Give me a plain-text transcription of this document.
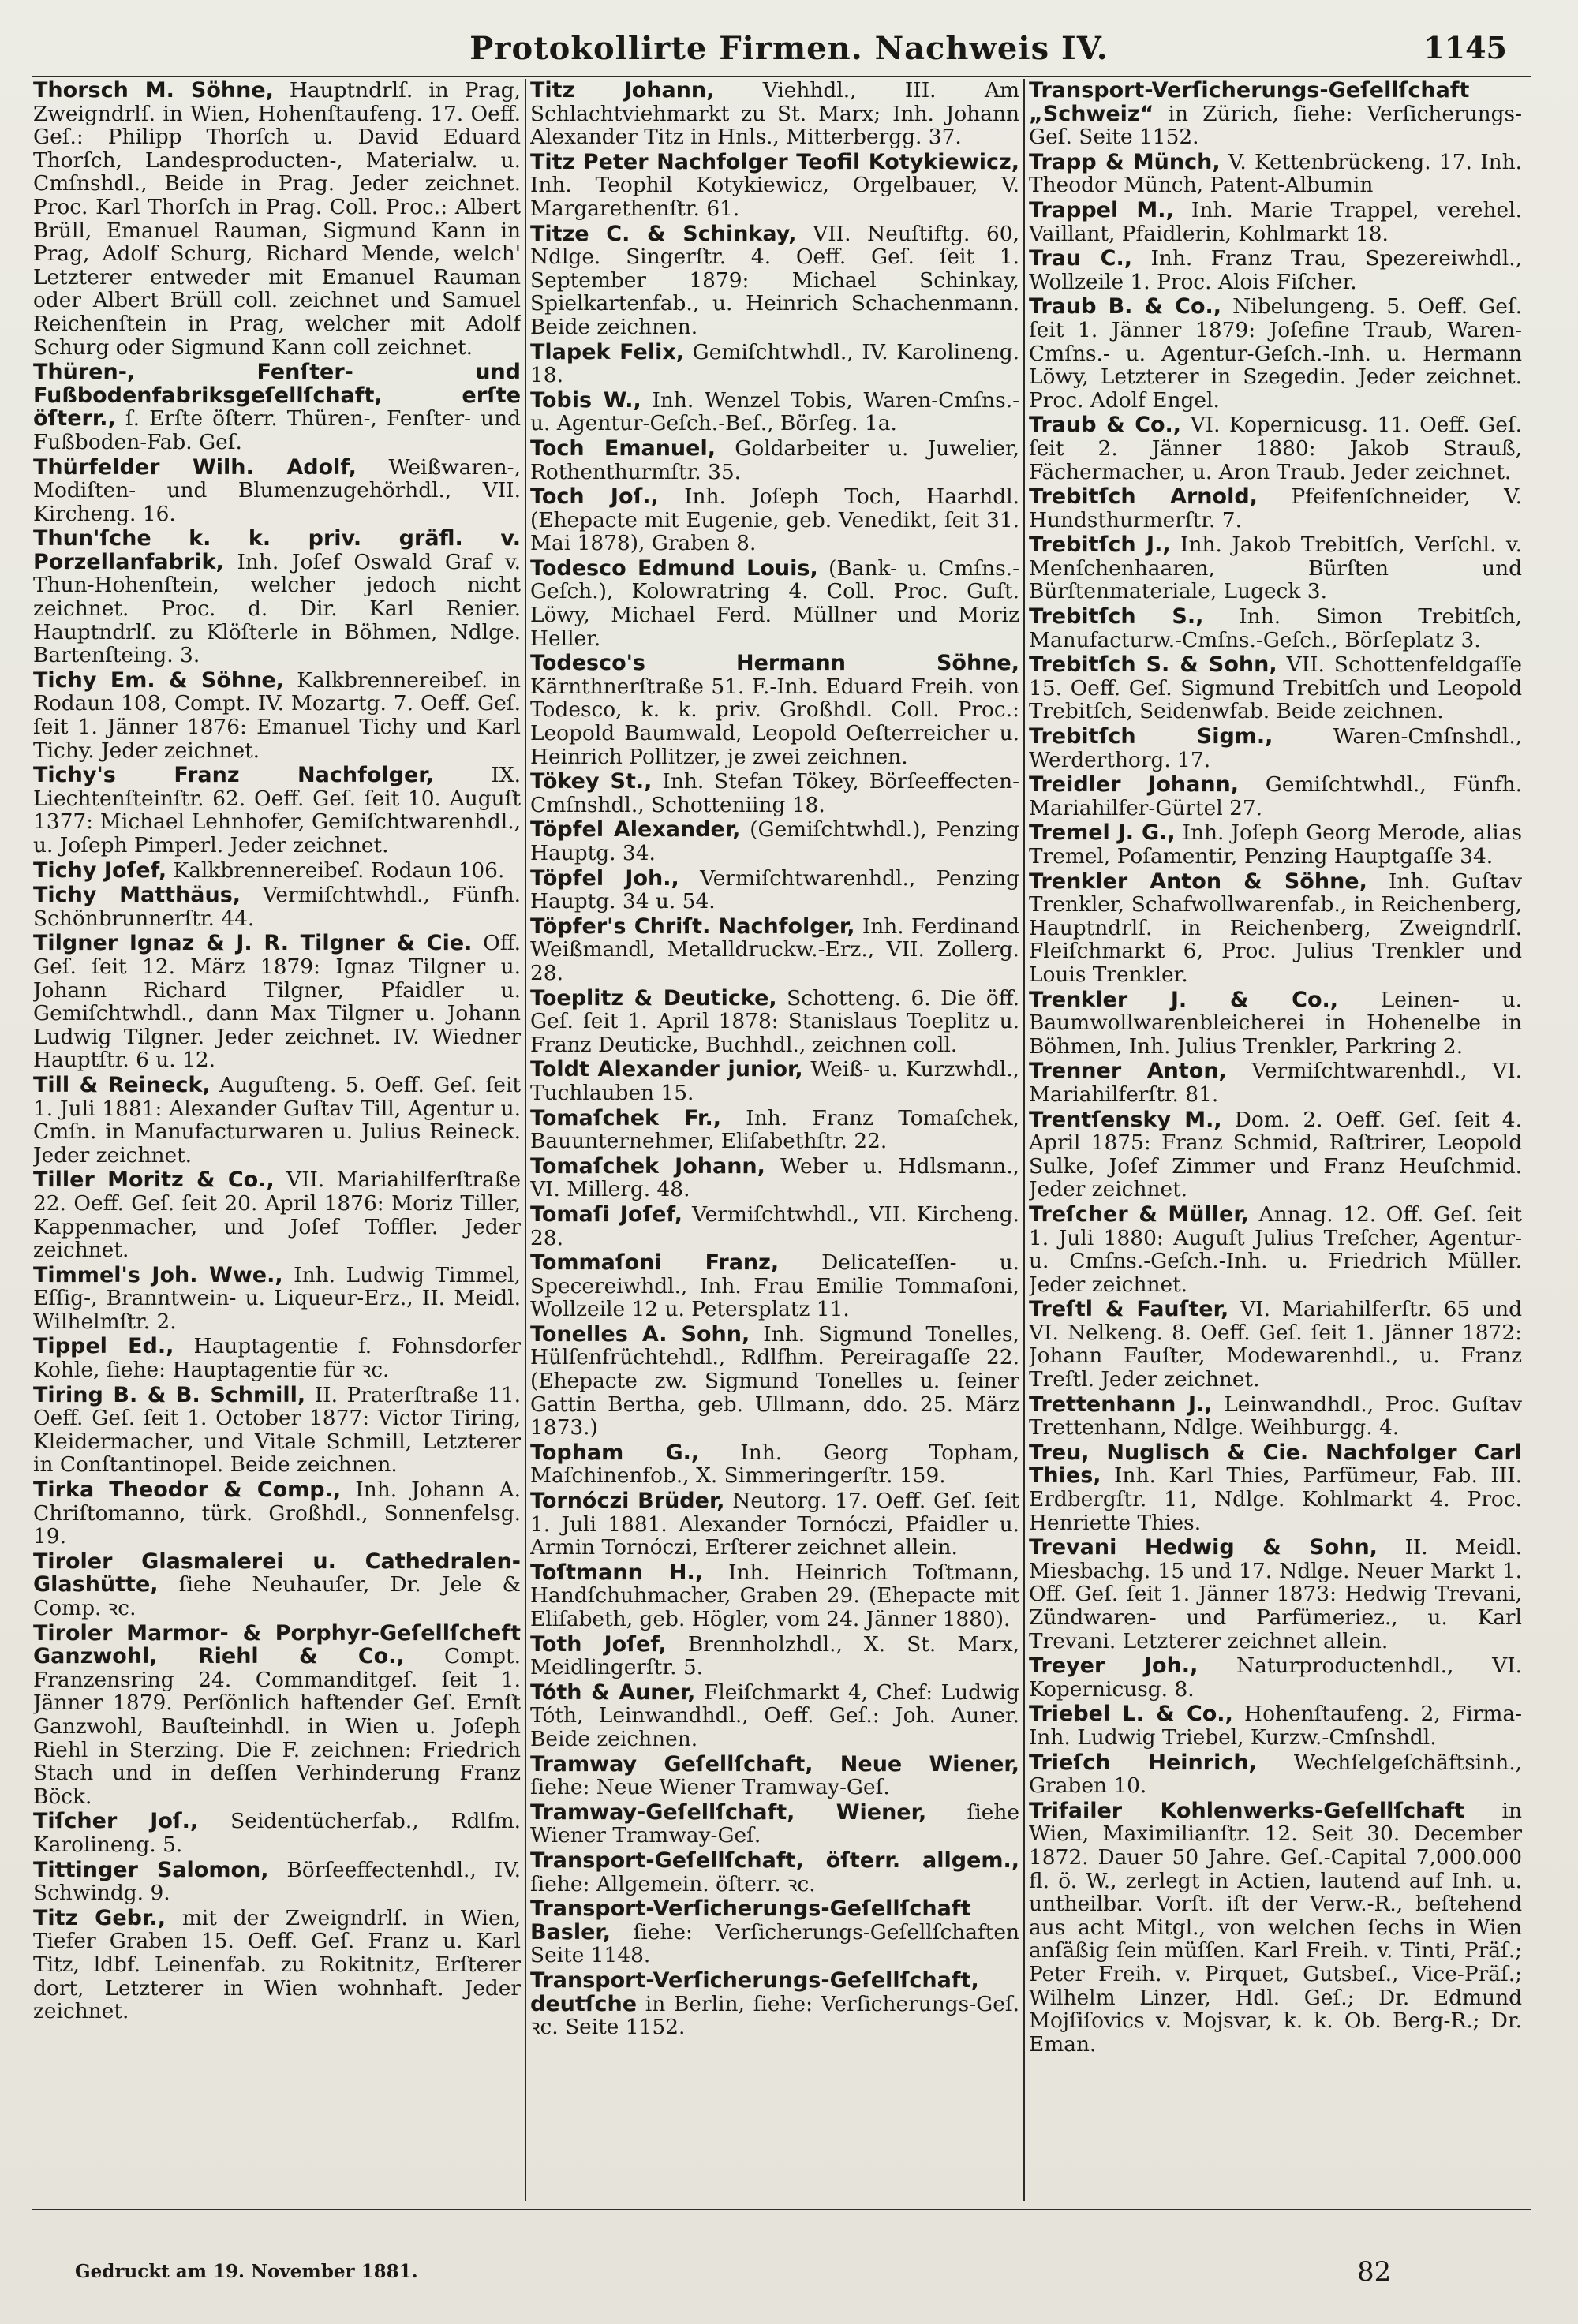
Protokollirte Firmen. Nachweis IV.	1145

Thorsch M. Söhne, Hauptndrlſ. in Prag, Zweigndrlſ. in Wien, Hohenſtaufeng. 17. Oeff. Geſ.: Philipp Thorſch u. David Eduard Thorſch, Landesproducten-, Materialw. u. Cmſnshdl., Beide in Prag. Jeder zeichnet. Proc. Karl Thorſch in Prag. Coll. Proc.: Albert Brüll, Emanuel Rauman, Sigmund Kann in Prag, Adolf Schurg, Richard Mende, welch' Letzterer entweder mit Emanuel Rauman oder Albert Brüll coll. zeichnet und Samuel Reichenſtein in Prag, welcher mit Adolf Schurg oder Sigmund Kann coll zeichnet.

Thüren-, Fenſter- und Fußbodenfabriksgeſellſchaft, erſte öſterr., ſ. Erſte öſterr. Thüren-, Fenſter- und Fußboden-Fab. Geſ.

Thürfelder Wilh. Adolf, Weißwaren-, Modiſten- und Blumenzugehörhdl., VII. Kircheng. 16.

Thun'ſche k. k. priv. gräfl. v. Porzellanfabrik, Inh. Joſef Oswald Graf v. Thun-Hohenſtein, welcher jedoch nicht zeichnet. Proc. d. Dir. Karl Renier. Hauptndrlſ. zu Klöſterle in Böhmen, Ndlge. Bartenſteing. 3.

Tichy Em. & Söhne, Kalkbrennereibeſ. in Rodaun 108, Compt. IV. Mozartg. 7. Oeff. Geſ. ſeit 1. Jänner 1876: Emanuel Tichy und Karl Tichy. Jeder zeichnet.

Tichy's Franz Nachfolger, IX. Liechtenſteinſtr. 62. Oeff. Geſ. ſeit 10. Auguſt 1377: Michael Lehnhofer, Gemiſchtwarenhdl., u. Joſeph Pimperl. Jeder zeichnet.

Tichy Joſef, Kalkbrennereibeſ. Rodaun 106.

Tichy Matthäus, Vermiſchtwhdl., Fünfh. Schönbrunnerſtr. 44.

Tilgner Ignaz & J. R. Tilgner & Cie. Off. Geſ. ſeit 12. März 1879: Ignaz Tilgner u. Johann Richard Tilgner, Pfaidler u. Gemiſchtwhdl., dann Max Tilgner u. Johann Ludwig Tilgner. Jeder zeichnet. IV. Wiedner Hauptſtr. 6 u. 12.

Till & Reineck, Auguſteng. 5. Oeff. Geſ. ſeit 1. Juli 1881: Alexander Guſtav Till, Agentur u. Cmſn. in Manufacturwaren u. Julius Reineck. Jeder zeichnet.

Tiller Moritz & Co., VII. Mariahilferſtraße 22. Oeff. Geſ. ſeit 20. April 1876: Moriz Tiller, Kappenmacher, und Joſef Toffler. Jeder zeichnet.

Timmel's Joh. Wwe., Inh. Ludwig Timmel, Eſſig-, Branntwein- u. Liqueur-Erz., II. Meidl. Wilhelmſtr. 2.

Tippel Ed., Hauptagentie f. Fohnsdorfer Kohle, ſiehe: Hauptagentie für ꝛc.

Tiring B. & B. Schmill, II. Praterſtraße 11. Oeff. Geſ. ſeit 1. October 1877: Victor Tiring, Kleidermacher, und Vitale Schmill, Letzterer in Conſtantinopel. Beide zeichnen.

Tirka Theodor & Comp., Inh. Johann A. Chriſtomanno, türk. Großhdl., Sonnenfelsg. 19.

Tiroler Glasmalerei u. Cathedralen-Glashütte, ſiehe Neuhauſer, Dr. Jele & Comp. ꝛc.

Tiroler Marmor- & Porphyr-Geſellſcheft Ganzwohl, Riehl & Co., Compt. Franzensring 24. Commanditgeſ. ſeit 1. Jänner 1879. Perſönlich haftender Geſ. Ernſt Ganzwohl, Bauſteinhdl. in Wien u. Joſeph Riehl in Sterzing. Die F. zeichnen: Friedrich Stach und in deſſen Verhinderung Franz Böck.

Tiſcher Joſ., Seidentücherfab., Rdlfm. Karolineng. 5.

Tittinger Salomon, Börſeeffectenhdl., IV. Schwindg. 9.

Titz Gebr., mit der Zweigndrlſ. in Wien, Tiefer Graben 15. Oeff. Geſ. Franz u. Karl Titz, ldbf. Leinenfab. zu Rokitnitz, Erſterer dort, Letzterer in Wien wohnhaft. Jeder zeichnet.

Titz Johann, Viehhdl., III. Am Schlachtviehmarkt zu St. Marx; Inh. Johann Alexander Titz in Hnls., Mitterbergg. 37.

Titz Peter Nachfolger Teofil Kotykiewicz, Inh. Teophil Kotykiewicz, Orgelbauer, V. Margarethenſtr. 61.

Titze C. & Schinkay, VII. Neuſtiftg. 60, Ndlge. Singerſtr. 4. Oeff. Geſ. ſeit 1. September 1879: Michael Schinkay, Spielkartenfab., u. Heinrich Schachenmann. Beide zeichnen.

Tlapek Felix, Gemiſchtwhdl., IV. Karolineng. 18.

Tobis W., Inh. Wenzel Tobis, Waren-Cmſns.- u. Agentur-Geſch.-Beſ., Börſeg. 1a.

Toch Emanuel, Goldarbeiter u. Juwelier, Rothenthurmſtr. 35.

Toch Joſ., Inh. Joſeph Toch, Haarhdl. (Ehepacte mit Eugenie, geb. Venedikt, ſeit 31. Mai 1878), Graben 8.

Todesco Edmund Louis, (Bank- u. Cmſns.-Geſch.), Kolowratring 4. Coll. Proc. Guſt. Löwy, Michael Ferd. Müllner und Moriz Heller.

Todesco's Hermann Söhne, Kärnthnerſtraße 51. F.-Inh. Eduard Freih. von Todesco, k. k. priv. Großhdl. Coll. Proc.: Leopold Baumwald, Leopold Oeſterreicher u. Heinrich Pollitzer, je zwei zeichnen.

Tökey St., Inh. Stefan Tökey, Börſeeffecten-Cmſnshdl., Schotteniing 18.

Töpfel Alexander, (Gemiſchtwhdl.), Penzing Hauptg. 34.

Töpfel Joh., Vermiſchtwarenhdl., Penzing Hauptg. 34 u. 54.

Töpfer's Chriſt. Nachfolger, Inh. Ferdinand Weißmandl, Metalldruckw.-Erz., VII. Zollerg. 28.

Toeplitz & Deuticke, Schotteng. 6. Die öff. Geſ. ſeit 1. April 1878: Stanislaus Toeplitz u. Franz Deuticke, Buchhdl., zeichnen coll.

Toldt Alexander junior, Weiß- u. Kurzwhdl., Tuchlauben 15.

Tomaſchek Fr., Inh. Franz Tomaſchek, Bauunternehmer, Eliſabethſtr. 22.

Tomaſchek Johann, Weber u. Hdlsmann., VI. Millerg. 48.

Tomaſi Joſef, Vermiſchtwhdl., VII. Kircheng. 28.

Tommaſoni Franz, Delicateſſen- u. Specereiwhdl., Inh. Frau Emilie Tommaſoni, Wollzeile 12 u. Petersplatz 11.

Tonelles A. Sohn, Inh. Sigmund Tonelles, Hülſenfrüchtehdl., Rdlfhm. Pereiragaſſe 22. (Ehepacte zw. Sigmund Tonelles u. ſeiner Gattin Bertha, geb. Ullmann, ddo. 25. März 1873.)

Topham G., Inh. Georg Topham, Maſchinenfob., X. Simmeringerſtr. 159.

Tornóczi Brüder, Neutorg. 17. Oeff. Geſ. ſeit 1. Juli 1881. Alexander Tornóczi, Pfaidler u. Armin Tornóczi, Erſterer zeichnet allein.

Toſtmann H., Inh. Heinrich Toſtmann, Handſchuhmacher, Graben 29. (Ehepacte mit Eliſabeth, geb. Högler, vom 24. Jänner 1880).

Toth Joſef, Brennholzhdl., X. St. Marx, Meidlingerſtr. 5.

Tóth & Auner, Fleiſchmarkt 4, Chef: Ludwig Tóth, Leinwandhdl., Oeff. Geſ.: Joh. Auner. Beide zeichnen.

Tramway Geſellſchaft, Neue Wiener, ſiehe: Neue Wiener Tramway-Geſ.

Tramway-Geſellſchaft, Wiener, ſiehe Wiener Tramway-Geſ.

Transport-Geſellſchaft, öſterr. allgem., ſiehe: Allgemein. öſterr. ꝛc.

Transport-Verſicherungs-Geſellſchaft Basler, ſiehe: Verſicherungs-Geſellſchaften Seite 1148.

Transport-Verſicherungs-Geſellſchaft, deutſche in Berlin, ſiehe: Verſicherungs-Geſ. ꝛc. Seite 1152.

Transport-Verſicherungs-Geſellſchaft „Schweiz“ in Zürich, ſiehe: Verſicherungs-Geſ. Seite 1152.

Trapp & Münch, V. Kettenbrückeng. 17. Inh. Theodor Münch, Patent-Albumin

Trappel M., Inh. Marie Trappel, verehel. Vaillant, Pfaidlerin, Kohlmarkt 18.

Trau C., Inh. Franz Trau, Spezereiwhdl., Wollzeile 1. Proc. Alois Fiſcher.

Traub B. & Co., Nibelungeng. 5. Oeff. Geſ. ſeit 1. Jänner 1879: Joſefine Traub, Waren-Cmſns.- u. Agentur-Geſch.-Inh. u. Hermann Löwy, Letzterer in Szegedin. Jeder zeichnet. Proc. Adolf Engel.

Traub & Co., VI. Kopernicusg. 11. Oeff. Geſ. ſeit 2. Jänner 1880: Jakob Strauß, Fächermacher, u. Aron Traub. Jeder zeichnet.

Trebitſch Arnold, Pfeifenſchneider, V. Hundsthurmerſtr. 7.

Trebitſch J., Inh. Jakob Trebitſch, Verſchl. v. Menſchenhaaren, Bürſten und Bürſtenmateriale, Lugeck 3.

Trebitſch S., Inh. Simon Trebitſch, Manufacturw.-Cmſns.-Geſch., Börſeplatz 3.

Trebitſch S. & Sohn, VII. Schottenfeldgaſſe 15. Oeff. Geſ. Sigmund Trebitſch und Leopold Trebitſch, Seidenwfab. Beide zeichnen.

Trebitſch Sigm., Waren-Cmſnshdl., Werderthorg. 17.

Treidler Johann, Gemiſchtwhdl., Fünfh. Mariahilfer-Gürtel 27.

Tremel J. G., Inh. Joſeph Georg Merode, alias Tremel, Poſamentir, Penzing Hauptgaſſe 34.

Trenkler Anton & Söhne, Inh. Guſtav Trenkler, Schafwollwarenfab., in Reichenberg, Hauptndrlſ. in Reichenberg, Zweigndrlſ. Fleiſchmarkt 6, Proc. Julius Trenkler und Louis Trenkler.

Trenkler J. & Co., Leinen- u. Baumwollwarenbleicherei in Hohenelbe in Böhmen, Inh. Julius Trenkler, Parkring 2.

Trenner Anton, Vermiſchtwarenhdl., VI. Mariahilferſtr. 81.

Trentſensky M., Dom. 2. Oeff. Geſ. ſeit 4. April 1875: Franz Schmid, Raſtrirer, Leopold Sulke, Joſef Zimmer und Franz Heuſchmid. Jeder zeichnet.

Treſcher & Müller, Annag. 12. Off. Geſ. ſeit 1. Juli 1880: Auguſt Julius Treſcher, Agentur- u. Cmſns.-Geſch.-Inh. u. Friedrich Müller. Jeder zeichnet.

Treſtl & Fauſter, VI. Mariahilferſtr. 65 und VI. Nelkeng. 8. Oeff. Geſ. ſeit 1. Jänner 1872: Johann Fauſter, Modewarenhdl., u. Franz Treſtl. Jeder zeichnet.

Trettenhann J., Leinwandhdl., Proc. Guſtav Trettenhann, Ndlge. Weihburgg. 4.

Treu, Nuglisch & Cie. Nachfolger Carl Thies, Inh. Karl Thies, Parfümeur, Fab. III. Erdbergſtr. 11, Ndlge. Kohlmarkt 4. Proc. Henriette Thies.

Trevani Hedwig & Sohn, II. Meidl. Miesbachg. 15 und 17. Ndlge. Neuer Markt 1. Off. Geſ. ſeit 1. Jänner 1873: Hedwig Trevani, Zündwaren- und Parfümeriez., u. Karl Trevani. Letzterer zeichnet allein.

Treyer Joh., Naturproductenhdl., VI. Kopernicusg. 8.

Triebel L. & Co., Hohenſtaufeng. 2, Firma-Inh. Ludwig Triebel, Kurzw.-Cmſnshdl.

Trieſch Heinrich, Wechſelgeſchäftsinh., Graben 10.

Trifailer Kohlenwerks-Geſellſchaft in Wien, Maximilianſtr. 12. Seit 30. December 1872. Dauer 50 Jahre. Geſ.-Capital 7,000.000 fl. ö. W., zerlegt in Actien, lautend auf Inh. u. untheilbar. Vorſt. iſt der Verw.-R., beſtehend aus acht Mitgl., von welchen ſechs in Wien anſäßig ſein müſſen. Karl Freih. v. Tinti, Präſ.; Peter Freih. v. Pirquet, Gutsbeſ., Vice-Präſ.; Wilhelm Linzer, Hdl. Geſ.; Dr. Edmund Mojſiſovics v. Mojsvar, k. k. Ob. Berg-R.; Dr. Eman.

Gedruckt am 19. November 1881.	82
